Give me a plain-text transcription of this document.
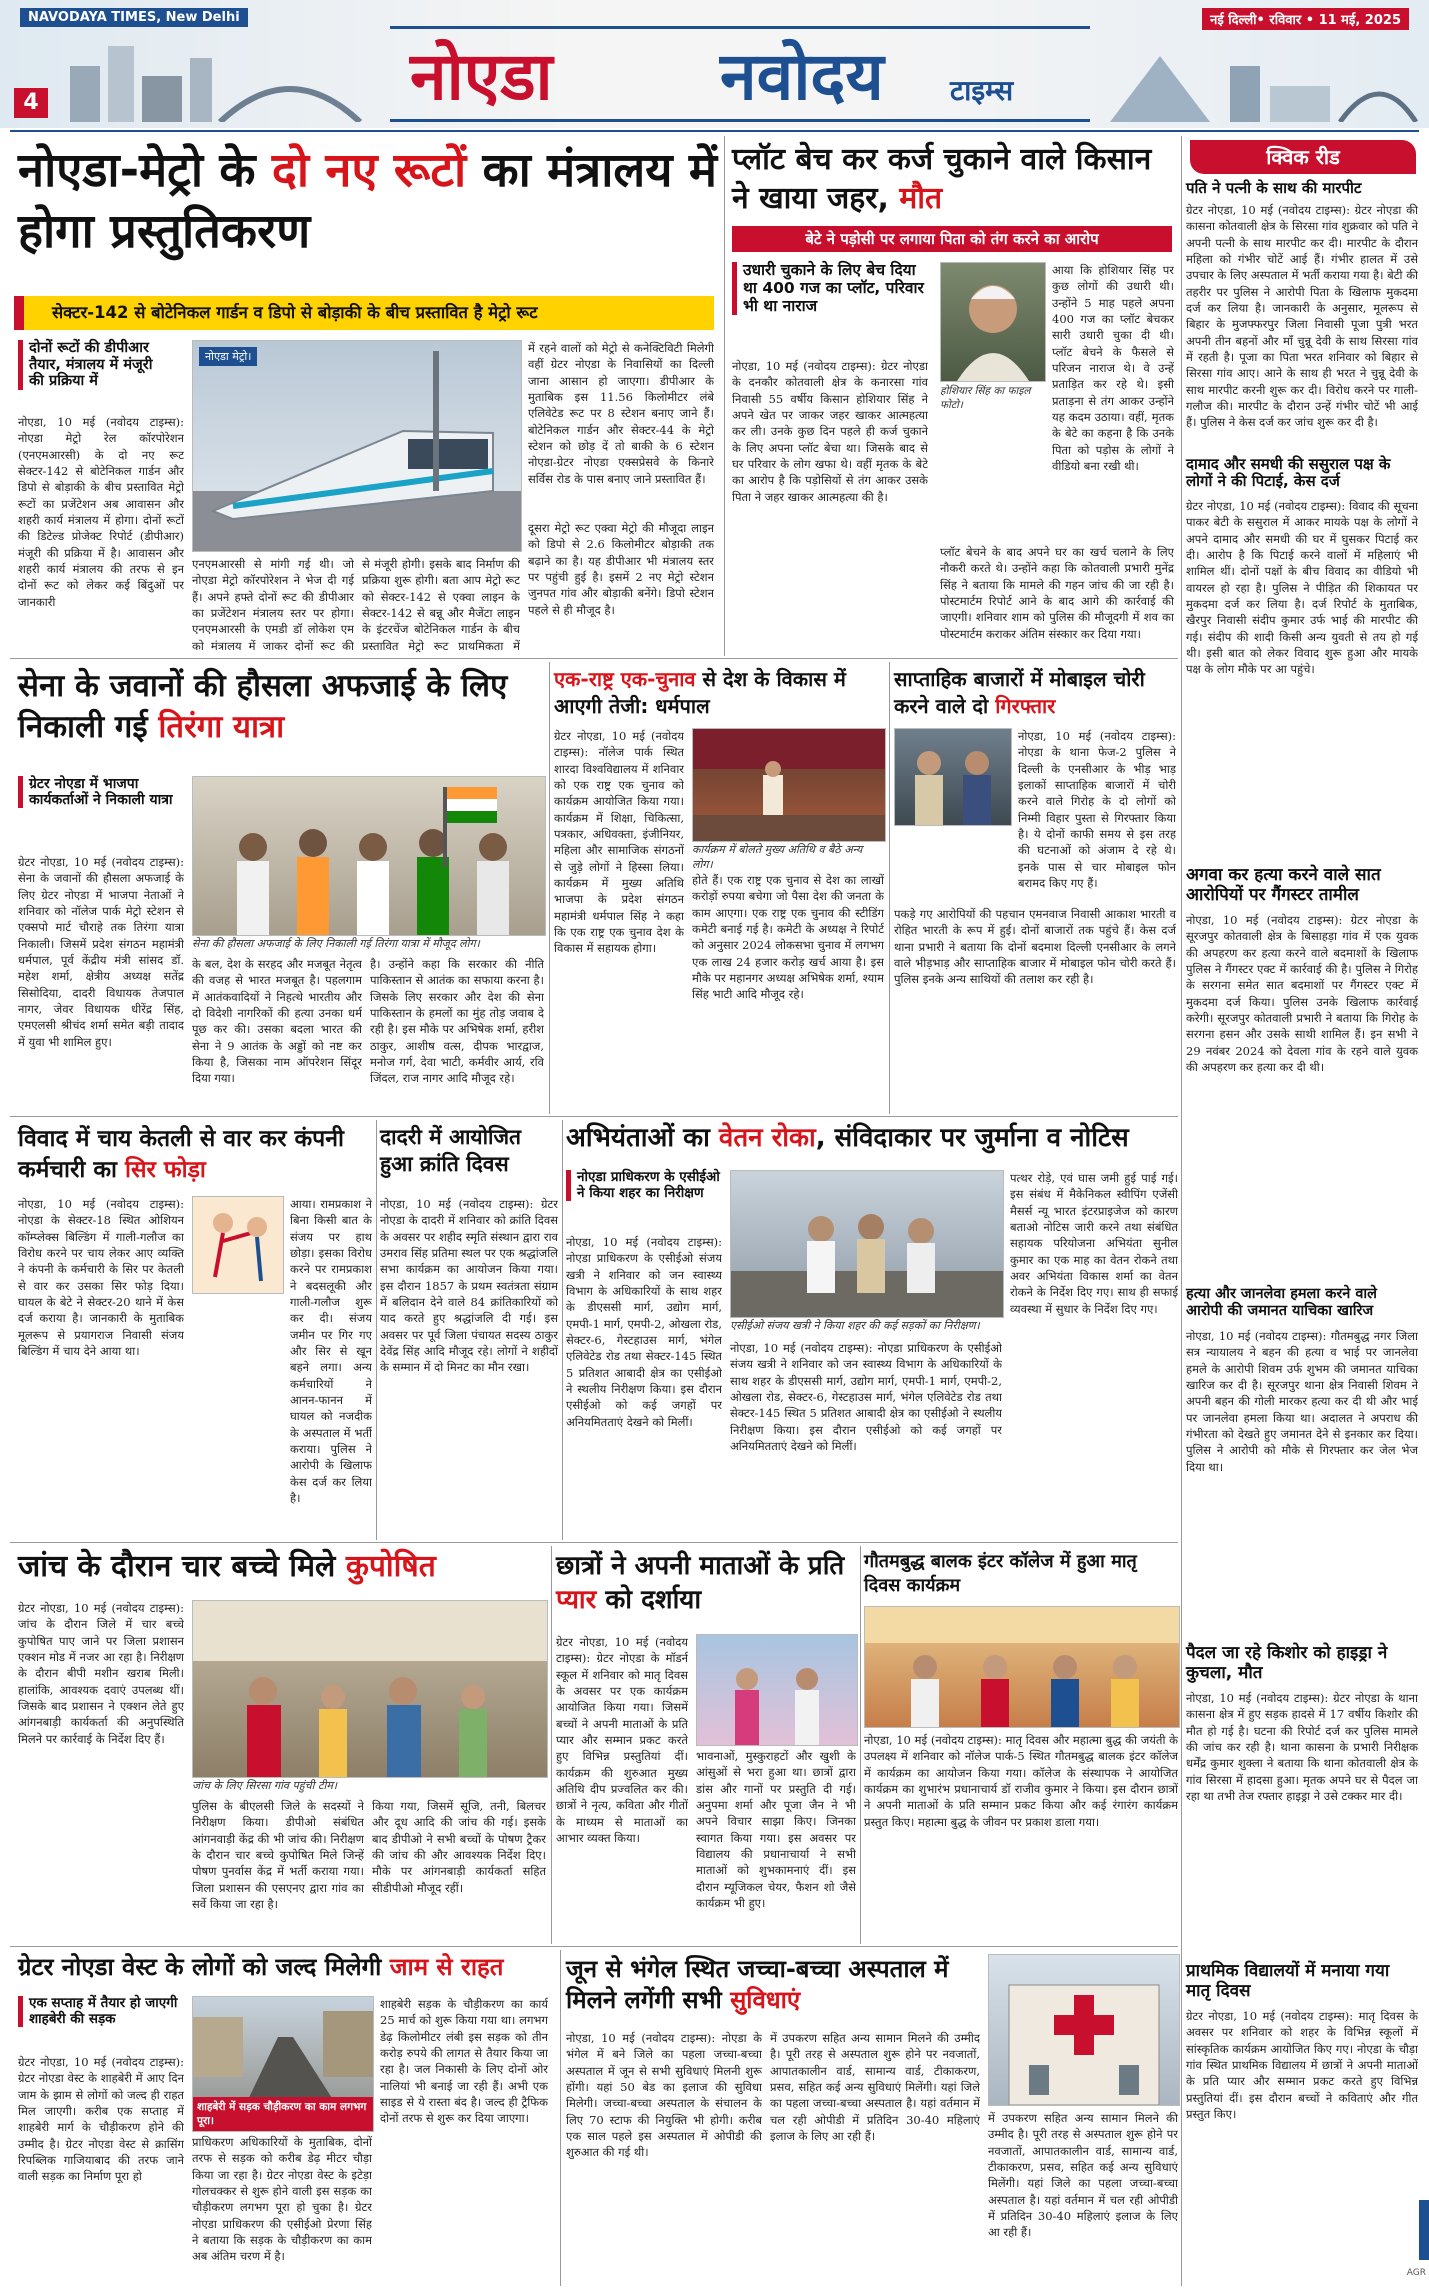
NAVODAYA TIMES, New Delhi	नई दिल्ली• रविवार • 11 मई, 2025
4	नोएडा	नवोदय टाइम्स
नोएडा-मेट्रो के दो नए रूटों का मंत्रालय में होगा प्रस्तुतिकरण
सेक्टर-142 से बोटेनिकल गार्डन व डिपो से बोड़ाकी के बीच प्रस्तावित है मेट्रो रूट
दोनों रूटों की डीपीआर तैयार, मंत्रालय में मंजूरी की प्रक्रिया में
नोएडा, 10 मई (नवोदय टाइम्स): नोएडा मेट्रो रेल कॉरपोरेशन (एनएमआरसी) के दो नए रूट सेक्टर-142 से बोटेनिकल गार्डन और डिपो से बोड़ाकी के बीच प्रस्तावित मेट्रो रूटों का प्रजेंटेशन अब आवासन और शहरी कार्य मंत्रालय में होगा। दोनों रूटों की डिटेल्ड प्रोजेक्ट रिपोर्ट (डीपीआर) मंजूरी की प्रक्रिया में है। आवासन और शहरी कार्य मंत्रालय की तरफ से इन दोनों रूट को लेकर कई बिंदुओं पर जानकारी
नोएडा मेट्रो।
एनएमआरसी से मांगी गई थी। जो नोएडा मेट्रो कॉरपोरेशन ने भेज दी गई हैं। अपने हफ्ते दोनों रूट की डीपीआर का प्रजेंटेशन मंत्रालय स्तर पर होगा। एनएमआरसी के एमडी डॉ लोकेश एम को मंत्रालय में जाकर दोनों रूट की
से मंजूरी होगी। इसके बाद निर्माण की प्रक्रिया शुरू होगी। बता आप मेट्रो रूट को सेक्टर-142 से एक्वा लाइन के सेक्टर-142 से बन्नू और मैजेंटा लाइन के इंटरचेंज बोटेनिकल गार्डन के बीच प्रस्तावित मेट्रो रूट प्राथमिकता में
में रहने वालों को मेट्रो से कनेक्टिविटी मिलेगी वहीं ग्रेटर नोएडा के निवासियों का दिल्ली जाना आसान हो जाएगा। डीपीआर के मुताबिक इस 11.56 किलोमीटर लंबे एलिवेटेड रूट पर 8 स्टेशन बनाए जाने हैं। बोटेनिकल गार्डन और सेक्टर-44 के मेट्रो स्टेशन को छोड़ दें तो बाकी के 6 स्टेशन नोएडा-ग्रेटर नोएडा एक्सप्रेसवे के किनारे सर्विस रोड के पास बनाए जाने प्रस्तावित हैं।
दूसरा मेट्रो रूट एक्वा मेट्रो की मौजूदा लाइन को डिपो से 2.6 किलोमीटर बोड़ाकी तक बढ़ाने का है। यह डीपीआर भी मंत्रालय स्तर पर पहुंची हुई है। इसमें 2 नए मेट्रो स्टेशन जुनपत गांव और बोड़ाकी बनेंगे। डिपो स्टेशन पहले से ही मौजूद है।
प्लॉट बेच कर कर्ज चुकाने वाले किसान ने खाया जहर, मौत
बेटे ने पड़ोसी पर लगाया पिता को तंग करने का आरोप
उधारी चुकाने के लिए बेच दिया था 400 गज का प्लॉट, परिवार भी था नाराज
नोएडा, 10 मई (नवोदय टाइम्स): ग्रेटर नोएडा के दनकौर कोतवाली क्षेत्र के कनारसा गांव निवासी 55 वर्षीय किसान होशियार सिंह ने अपने खेत पर जाकर जहर खाकर आत्महत्या कर ली। उनके कुछ दिन पहले ही कर्ज चुकाने के लिए अपना प्लॉट बेचा था। जिसके बाद से घर परिवार के लोग खफा थे। वहीं मृतक के बेटे का आरोप है कि पड़ोसियों से तंग आकर उसके पिता ने जहर खाकर आत्महत्या की है।
होशियार सिंह का फाइल फोटो।
आया कि होशियार सिंह पर कुछ लोगों की उधारी थी। उन्होंने 5 माह पहले अपना 400 गज का प्लॉट बेचकर सारी उधारी चुका दी थी। प्लॉट बेचने के फैसले से परिजन नाराज थे। वे उन्हें प्रताड़ित कर रहे थे। इसी प्रताड़ना से तंग आकर उन्होंने यह कदम उठाया। वहीं, मृतक के बेटे का कहना है कि उनके पिता को पड़ोस के लोगों ने वीडियो बना रखी थी।
प्लॉट बेचने के बाद अपने घर का खर्च चलाने के लिए नौकरी करते थे। उन्होंने कहा कि कोतवाली प्रभारी मुनेंद्र सिंह ने बताया कि मामले की गहन जांच की जा रही है। पोस्टमार्टम रिपोर्ट आने के बाद आगे की कार्रवाई की जाएगी। शनिवार शाम को पुलिस की मौजूदगी में शव का पोस्टमार्टम कराकर अंतिम संस्कार कर दिया गया।
क्विक रीड
पति ने पत्नी के साथ की मारपीट
ग्रेटर नोएडा, 10 मई (नवोदय टाइम्स): ग्रेटर नोएडा की कासना कोतवाली क्षेत्र के सिरसा गांव शुक्रवार को पति ने अपनी पत्नी के साथ मारपीट कर दी। मारपीट के दौरान महिला को गंभीर चोटें आई हैं। गंभीर हालत में उसे उपचार के लिए अस्पताल में भर्ती कराया गया है। बेटी की तहरीर पर पुलिस ने आरोपी पिता के खिलाफ मुकदमा दर्ज कर लिया है। जानकारी के अनुसार, मूलरूप से बिहार के मुजफ्फरपुर जिला निवासी पूजा पुत्री भरत अपनी तीन बहनों और माँ चुन्नू देवी के साथ सिरसा गांव में रहती है। पूजा का पिता भरत शनिवार को बिहार से सिरसा गांव आए। आने के साथ ही भरत ने चुन्नू देवी के साथ मारपीट करनी शुरू कर दी। विरोध करने पर गाली-गलौज की। मारपीट के दौरान उन्हें गंभीर चोटें भी आई हैं। पुलिस ने केस दर्ज कर जांच शुरू कर दी है।
दामाद और समधी की ससुराल पक्ष के लोगों ने की पिटाई, केस दर्ज
ग्रेटर नोएडा, 10 मई (नवोदय टाइम्स): विवाद की सूचना पाकर बेटी के ससुराल में आकर मायके पक्ष के लोगों ने अपने दामाद और समधी की घर में घुसकर पिटाई कर दी। आरोप है कि पिटाई करने वालों में महिलाएं भी शामिल थीं। दोनों पक्षों के बीच विवाद का वीडियो भी वायरल हो रहा है। पुलिस ने पीड़ित की शिकायत पर मुकदमा दर्ज कर लिया है। दर्ज रिपोर्ट के मुताबिक, खैरपुर निवासी संदीप कुमार उर्फ भाई की मारपीट की गई। संदीप की शादी किसी अन्य युवती से तय हो गई थी। इसी बात को लेकर विवाद शुरू हुआ और मायके पक्ष के लोग मौके पर आ पहुंचे।
अगवा कर हत्या करने वाले सात आरोपियों पर गैंगस्टर तामील
नोएडा, 10 मई (नवोदय टाइम्स): ग्रेटर नोएडा के सूरजपुर कोतवाली क्षेत्र के बिसाहड़ा गांव में एक युवक की अपहरण कर हत्या करने वाले बदमाशों के खिलाफ पुलिस ने गैंगस्टर एक्ट में कार्रवाई की है। पुलिस ने गिरोह के सरगना समेत सात बदमाशों पर गैंगस्टर एक्ट में मुकदमा दर्ज किया। पुलिस उनके खिलाफ कार्रवाई करेगी। सूरजपुर कोतवाली प्रभारी ने बताया कि गिरोह के सरगना हसन और उसके साथी शामिल हैं। इन सभी ने 29 नवंबर 2024 को देवला गांव के रहने वाले युवक की अपहरण कर हत्या कर दी थी।
हत्या और जानलेवा हमला करने वाले आरोपी की जमानत याचिका खारिज
नोएडा, 10 मई (नवोदय टाइम्स): गौतमबुद्ध नगर जिला सत्र न्यायालय ने बहन की हत्या व भाई पर जानलेवा हमले के आरोपी शिवम उर्फ शुभम की जमानत याचिका खारिज कर दी है। सूरजपुर थाना क्षेत्र निवासी शिवम ने अपनी बहन की गोली मारकर हत्या कर दी थी और भाई पर जानलेवा हमला किया था। अदालत ने अपराध की गंभीरता को देखते हुए जमानत देने से इनकार कर दिया। पुलिस ने आरोपी को मौके से गिरफ्तार कर जेल भेज दिया था।
पैदल जा रहे किशोर को हाइड्रा ने कुचला, मौत
नोएडा, 10 मई (नवोदय टाइम्स): ग्रेटर नोएडा के थाना कासना क्षेत्र में हुए सड़क हादसे में 17 वर्षीय किशोर की मौत हो गई है। घटना की रिपोर्ट दर्ज कर पुलिस मामले की जांच कर रही है। थाना कासना के प्रभारी निरीक्षक धर्मेंद्र कुमार शुक्ला ने बताया कि थाना कोतवाली क्षेत्र के गांव सिरसा में हादसा हुआ। मृतक अपने घर से पैदल जा रहा था तभी तेज रफ्तार हाइड्रा ने उसे टक्कर मार दी।
प्राथमिक विद्यालयों में मनाया गया मातृ दिवस
ग्रेटर नोएडा, 10 मई (नवोदय टाइम्स): मातृ दिवस के अवसर पर शनिवार को शहर के विभिन्न स्कूलों में सांस्कृतिक कार्यक्रम आयोजित किए गए। नोएडा के चौड़ा गांव स्थित प्राथमिक विद्यालय में छात्रों ने अपनी माताओं के प्रति प्यार और सम्मान प्रकट करते हुए विभिन्न प्रस्तुतियां दीं। इस दौरान बच्चों ने कविताएं और गीत प्रस्तुत किए।
सेना के जवानों की हौसला अफजाई के लिए निकाली गई तिरंगा यात्रा
ग्रेटर नोएडा में भाजपा कार्यकर्ताओं ने निकाली यात्रा
ग्रेटर नोएडा, 10 मई (नवोदय टाइम्स): सेना के जवानों की हौसला अफजाई के लिए ग्रेटर नोएडा में भाजपा नेताओं ने शनिवार को नॉलेज पार्क मेट्रो स्टेशन से एक्सपो मार्ट चौराहे तक तिरंगा यात्रा निकाली। जिसमें प्रदेश संगठन महामंत्री धर्मपाल, पूर्व केंद्रीय मंत्री सांसद डॉ. महेश शर्मा, क्षेत्रीय अध्यक्ष सतेंद्र सिसोदिया, दादरी विधायक तेजपाल नागर, जेवर विधायक धीरेंद्र सिंह, एमएलसी श्रीचंद शर्मा समेत बड़ी तादाद में युवा भी शामिल हुए।
सेना की हौसला अफजाई के लिए निकाली गई तिरंगा यात्रा में मौजूद लोग।
के बल, देश के सरहद और मजबूत नेतृत्व की वजह से भारत मजबूत है। पहलगाम में आतंकवादियों ने निहत्थे भारतीय और दो विदेशी नागरिकों की हत्या उनका धर्म पूछ कर की। उसका बदला भारत की सेना ने 9 आतंक के अड्डों को नष्ट कर किया है, जिसका नाम ऑपरेशन सिंदूर दिया गया।
है। उन्होंने कहा कि सरकार की नीति पाकिस्तान से आतंक का सफाया करना है। जिसके लिए सरकार और देश की सेना पाकिस्तान के हमलों का मुंह तोड़ जवाब दे रही है। इस मौके पर अभिषेक शर्मा, हरीश ठाकुर, आशीष वत्स, दीपक भारद्वाज, मनोज गर्ग, देवा भाटी, कर्मवीर आर्य, रवि जिंदल, राज नागर आदि मौजूद रहे।
एक-राष्ट्र एक-चुनाव से देश के विकास में आएगी तेजी: धर्मपाल
ग्रेटर नोएडा, 10 मई (नवोदय टाइम्स): नॉलेज पार्क स्थित शारदा विश्वविद्यालय में शनिवार को एक राष्ट्र एक चुनाव को कार्यक्रम आयोजित किया गया। कार्यक्रम में शिक्षा, चिकित्सा, पत्रकार, अधिवक्ता, इंजीनियर, महिला और सामाजिक संगठनों से जुड़े लोगों ने हिस्सा लिया। कार्यक्रम में मुख्य अतिथि भाजपा के प्रदेश संगठन महामंत्री धर्मपाल सिंह ने कहा कि एक राष्ट्र एक चुनाव देश के विकास में सहायक होगा।
कार्यक्रम में बोलते मुख्य अतिथि व बैठे अन्य लोग।
होते हैं। एक राष्ट्र एक चुनाव से देश का लाखों करोड़ों रुपया बचेगा जो पैसा देश की जनता के काम आएगा। एक राष्ट्र एक चुनाव की स्टीडिंग कमेटी बनाई गई है। कमेटी के अध्यक्ष ने रिपोर्ट को अनुसार 2024 लोकसभा चुनाव में लगभग एक लाख 24 हजार करोड़ खर्च आया है। इस मौके पर महानगर अध्यक्ष अभिषेक शर्मा, श्याम सिंह भाटी आदि मौजूद रहे।
साप्ताहिक बाजारों में मोबाइल चोरी करने वाले दो गिरफ्तार
नोएडा, 10 मई (नवोदय टाइम्स): नोएडा के थाना फेज-2 पुलिस ने दिल्ली के एनसीआर के भीड़ भाड़ इलाकों साप्ताहिक बाजारों में चोरी करने वाले गिरोह के दो लोगों को निम्मी विहार पुस्ता से गिरफ्तार किया है। ये दोनों काफी समय से इस तरह की घटनाओं को अंजाम दे रहे थे। इनके पास से चार मोबाइल फोन बरामद किए गए हैं।
पकड़े गए आरोपियों की पहचान एमनवाज निवासी आकाश भारती व रोहित भारती के रूप में हुई। दोनों बाजारों तक पहुंचे हैं। केस दर्ज थाना प्रभारी ने बताया कि दोनों बदमाश दिल्ली एनसीआर के लगने वाले भीड़भाड़ और साप्ताहिक बाजार में मोबाइल फोन चोरी करते हैं। पुलिस इनके अन्य साथियों की तलाश कर रही है।
विवाद में चाय केतली से वार कर कंपनी कर्मचारी का सिर फोड़ा
नोएडा, 10 मई (नवोदय टाइम्स): नोएडा के सेक्टर-18 स्थित ओशियन कॉम्प्लेक्स बिल्डिंग में गाली-गलौज का विरोध करने पर चाय लेकर आए व्यक्ति ने कंपनी के कर्मचारी के सिर पर केतली से वार कर उसका सिर फोड़ दिया। घायल के बेटे ने सेक्टर-20 थाने में केस दर्ज कराया है। जानकारी के मुताबिक मूलरूप से प्रयागराज निवासी संजय बिल्डिंग में चाय देने आया था।
आया। रामप्रकाश ने बिना किसी बात के संजय पर हाथ छोड़ा। इसका विरोध करने पर रामप्रकाश ने बदसलूकी और गाली-गलौज शुरू कर दी। संजय जमीन पर गिर गए और सिर से खून बहने लगा। अन्य कर्मचारियों ने आनन-फानन में घायल को नजदीक के अस्पताल में भर्ती कराया। पुलिस ने आरोपी के खिलाफ केस दर्ज कर लिया है।
दादरी में आयोजित हुआ क्रांति दिवस
नोएडा, 10 मई (नवोदय टाइम्स): ग्रेटर नोएडा के दादरी में शनिवार को क्रांति दिवस के अवसर पर शहीद स्मृति संस्थान द्वारा राव उमराव सिंह प्रतिमा स्थल पर एक श्रद्धांजलि सभा कार्यक्रम का आयोजन किया गया। इस दौरान 1857 के प्रथम स्वतंत्रता संग्राम में बलिदान देने वाले 84 क्रांतिकारियों को याद करते हुए श्रद्धांजलि दी गई। इस अवसर पर पूर्व जिला पंचायत सदस्य ठाकुर देवेंद्र सिंह आदि मौजूद रहे। लोगों ने शहीदों के सम्मान में दो मिनट का मौन रखा।
अभियंताओं का वेतन रोका, संविदाकार पर जुर्माना व नोटिस
नोएडा प्राधिकरण के एसीईओ ने किया शहर का निरीक्षण
एसीईओ संजय खत्री ने किया शहर की कई सड़कों का निरीक्षण।
नोएडा, 10 मई (नवोदय टाइम्स): नोएडा प्राधिकरण के एसीईओ संजय खत्री ने शनिवार को जन स्वास्थ्य विभाग के अधिकारियों के साथ शहर के डीएससी मार्ग, उद्योग मार्ग, एमपी-1 मार्ग, एमपी-2, ओखला रोड, सेक्टर-6, गेस्टहाउस मार्ग, भंगेल एलिवेटेड रोड तथा सेक्टर-145 स्थित 5 प्रतिशत आबादी क्षेत्र का एसीईओ ने स्थलीय निरीक्षण किया। इस दौरान एसीईओ को कई जगहों पर अनियमितताएं देखने को मिलीं।
पत्थर रोड़े, एवं घास जमी हुई पाई गई। इस संबंध में मैकेनिकल स्वीपिंग एजेंसी मैसर्स न्यू भारत इंटरप्राइजेज को कारण बताओ नोटिस जारी करने तथा संबंधित सहायक परियोजना अभियंता सुनील कुमार का एक माह का वेतन रोकने तथा अवर अभियंता विकास शर्मा का वेतन रोकने के निर्देश दिए गए। साथ ही सफाई व्यवस्था में सुधार के निर्देश दिए गए।
नोएडा, 10 मई (नवोदय टाइम्स): नोएडा प्राधिकरण के एसीईओ संजय खत्री ने शनिवार को जन स्वास्थ्य विभाग के अधिकारियों के साथ शहर के डीएससी मार्ग, उद्योग मार्ग, एमपी-1 मार्ग, एमपी-2, ओखला रोड, सेक्टर-6, गेस्टहाउस मार्ग, भंगेल एलिवेटेड रोड तथा सेक्टर-145 स्थित 5 प्रतिशत आबादी क्षेत्र का एसीईओ ने स्थलीय निरीक्षण किया। इस दौरान एसीईओ को कई जगहों पर अनियमितताएं देखने को मिलीं।
जांच के दौरान चार बच्चे मिले कुपोषित
ग्रेटर नोएडा, 10 मई (नवोदय टाइम्स): जांच के दौरान जिले में चार बच्चे कुपोषित पाए जाने पर जिला प्रशासन एक्शन मोड में नजर आ रहा है। निरीक्षण के दौरान बीपी मशीन खराब मिली। हालांकि, आवश्यक दवाएं उपलब्ध थीं। जिसके बाद प्रशासन ने एक्शन लेते हुए आंगनबाड़ी कार्यकर्ता की अनुपस्थिति मिलने पर कार्रवाई के निर्देश दिए हैं।
जांच के लिए सिरसा गांव पहुंची टीम।
पुलिस के बीएलसी जिले के सदस्यों ने निरीक्षण किया। डीपीओ संबंधित आंगनवाड़ी केंद्र की भी जांच की। निरीक्षण के दौरान चार बच्चे कुपोषित मिले जिन्हें पोषण पुनर्वास केंद्र में भर्ती कराया गया। जिला प्रशासन की एसएनए द्वारा गांव का सर्वे किया जा रहा है।
किया गया, जिसमें सूजि, तनी, बिलचर और दूध आदि की जांच की गई। इसके बाद डीपीओ ने सभी बच्चों के पोषण ट्रैकर की जांच की और आवश्यक निर्देश दिए। मौके पर आंगनबाड़ी कार्यकर्ता सहित सीडीपीओ मौजूद रहीं।
छात्रों ने अपनी माताओं के प्रति प्यार को दर्शाया
ग्रेटर नोएडा, 10 मई (नवोदय टाइम्स): ग्रेटर नोएडा के मॉडर्न स्कूल में शनिवार को मातृ दिवस के अवसर पर एक कार्यक्रम आयोजित किया गया। जिसमें बच्चों ने अपनी माताओं के प्रति प्यार और सम्मान प्रकट करते हुए विभिन्न प्रस्तुतियां दीं। कार्यक्रम की शुरुआत मुख्य अतिथि दीप प्रज्वलित कर की। छात्रों ने नृत्य, कविता और गीतों के माध्यम से माताओं का आभार व्यक्त किया।
भावनाओं, मुस्कुराहटों और खुशी के आंसुओं से भरा हुआ था। छात्रों द्वारा डांस और गानों पर प्रस्तुति दी गई। अनुपमा शर्मा और पूजा जैन ने भी अपने विचार साझा किए। जिनका स्वागत किया गया। इस अवसर पर विद्यालय की प्रधानाचार्या ने सभी माताओं को शुभकामनाएं दीं। इस दौरान म्यूजिकल चेयर, फैशन शो जैसे कार्यक्रम भी हुए।
गौतमबुद्ध बालक इंटर कॉलेज में हुआ मातृ दिवस कार्यक्रम
नोएडा, 10 मई (नवोदय टाइम्स): मातृ दिवस और महात्मा बुद्ध की जयंती के उपलक्ष्य में शनिवार को नॉलेज पार्क-5 स्थित गौतमबुद्ध बालक इंटर कॉलेज में कार्यक्रम का आयोजन किया गया। कॉलेज के संस्थापक ने आयोजित कार्यक्रम का शुभारंभ प्रधानाचार्य डॉ राजीव कुमार ने किया। इस दौरान छात्रों ने अपनी माताओं के प्रति सम्मान प्रकट किया और कई रंगारंग कार्यक्रम प्रस्तुत किए। महात्मा बुद्ध के जीवन पर प्रकाश डाला गया।
ग्रेटर नोएडा वेस्ट के लोगों को जल्द मिलेगी जाम से राहत
एक सप्ताह में तैयार हो जाएगी शाहबेरी की सड़क
ग्रेटर नोएडा, 10 मई (नवोदय टाइम्स): ग्रेटर नोएडा वेस्ट के शाहबेरी में आए दिन जाम के झाम से लोगों को जल्द ही राहत मिल जाएगी। करीब एक सप्ताह में शाहबेरी मार्ग के चौड़ीकरण होने की उम्मीद है। ग्रेटर नोएडा वेस्ट से क्रासिंग रिपब्लिक गाजियाबाद की तरफ जाने वाली सड़क का निर्माण पूरा हो
शाहबेरी में सड़क चौड़ीकरण का काम लगभग पूरा।
शाहबेरी सड़क के चौड़ीकरण का कार्य 25 मार्च को शुरू किया गया था। लगभग डेढ़ किलोमीटर लंबी इस सड़क को तीन करोड़ रुपये की लागत से तैयार किया जा रहा है। जल निकासी के लिए दोनों ओर नालियां भी बनाई जा रही हैं। अभी एक साइड से ये रास्ता बंद है। जल्द ही ट्रैफिक दोनों तरफ से शुरू कर दिया जाएगा।
प्राधिकरण अधिकारियों के मुताबिक, दोनों तरफ से सड़क को करीब डेढ़ मीटर चौड़ा किया जा रहा है। ग्रेटर नोएडा वेस्ट के इटेड़ा गोलचक्कर से शुरू होने वाली इस सड़क का चौड़ीकरण लगभग पूरा हो चुका है। ग्रेटर नोएडा प्राधिकरण की एसीईओ प्रेरणा सिंह ने बताया कि सड़क के चौड़ीकरण का काम अब अंतिम चरण में है।
जून से भंगेल स्थित जच्चा-बच्चा अस्पताल में मिलने लगेंगी सभी सुविधाएं
नोएडा, 10 मई (नवोदय टाइम्स): नोएडा के भंगेल में बने जिले का पहला जच्चा-बच्चा अस्पताल में जून से सभी सुविधाएं मिलनी शुरू होंगी। यहां 50 बेड का इलाज की सुविधा मिलेगी। जच्चा-बच्चा अस्पताल के संचालन के लिए 70 स्टाफ की नियुक्ति भी होगी। करीब एक साल पहले इस अस्पताल में ओपीडी की शुरुआत की गई थी।
में उपकरण सहित अन्य सामान मिलने की उम्मीद है। पूरी तरह से अस्पताल शुरू होने पर नवजातों, आपातकालीन वार्ड, सामान्य वार्ड, टीकाकरण, प्रसव, सहित कई अन्य सुविधाएं मिलेंगी। यहां जिले का पहला जच्चा-बच्चा अस्पताल है। यहां वर्तमान में चल रही ओपीडी में प्रतिदिन 30-40 महिलाएं इलाज के लिए आ रही हैं।
में उपकरण सहित अन्य सामान मिलने की उम्मीद है। पूरी तरह से अस्पताल शुरू होने पर नवजातों, आपातकालीन वार्ड, सामान्य वार्ड, टीकाकरण, प्रसव, सहित कई अन्य सुविधाएं मिलेंगी। यहां जिले का पहला जच्चा-बच्चा अस्पताल है। यहां वर्तमान में चल रही ओपीडी में प्रतिदिन 30-40 महिलाएं इलाज के लिए आ रही हैं।
AGR
